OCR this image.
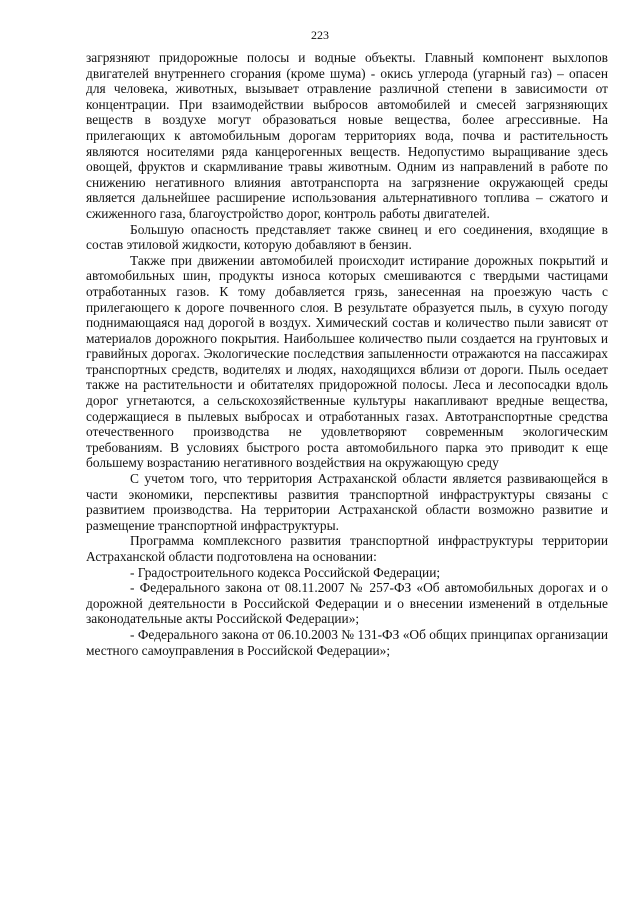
223

загрязняют придорожные полосы и водные объекты. Главный компонент выхлопов двигателей внутреннего сгорания (кроме шума) - окись углерода (угарный газ) – опасен для человека, животных, вызывает отравление различной степени в зависимости от концентрации. При взаимодействии выбросов автомобилей и смесей загрязняющих веществ в воздухе могут образоваться новые вещества, более агрессивные. На прилегающих к автомобильным дорогам территориях вода, почва и растительность являются носителями ряда канцерогенных веществ. Недопустимо выращивание здесь овощей, фруктов и скармливание травы животным. Одним из направлений в работе по снижению негативного влияния автотранспорта на загрязнение окружающей среды является дальнейшее расширение использования альтернативного топлива – сжатого и сжиженного газа, благоустройство дорог, контроль работы двигателей.

Большую опасность представляет также свинец и его соединения, входящие в состав этиловой жидкости, которую добавляют в бензин.

Также при движении автомобилей происходит истирание дорожных покрытий и автомобильных шин, продукты износа которых смешиваются с твердыми частицами отработанных газов. К тому добавляется грязь, занесенная на проезжую часть с прилегающего к дороге почвенного слоя. В результате образуется пыль, в сухую погоду поднимающаяся над дорогой в воздух. Химический состав и количество пыли зависят от материалов дорожного покрытия. Наибольшее количество пыли создается на грунтовых и гравийных дорогах. Экологические последствия запыленности отражаются на пассажирах транспортных средств, водителях и людях, находящихся вблизи от дороги. Пыль оседает также на растительности и обитателях придорожной полосы. Леса и лесопосадки вдоль дорог угнетаются, а сельскохозяйственные культуры накапливают вредные вещества, содержащиеся в пылевых выбросах и отработанных газах. Автотранспортные средства отечественного производства не удовлетворяют современным экологическим требованиям. В условиях быстрого роста автомобильного парка это приводит к еще большему возрастанию негативного воздействия на окружающую среду

С учетом того, что территория Астраханской области является развивающейся в части экономики, перспективы развития транспортной инфраструктуры связаны с развитием производства. На территории Астраханской области возможно развитие и размещение транспортной инфраструктуры.

Программа комплексного развития транспортной инфраструктуры территории Астраханской области подготовлена на основании:

- Градостроительного кодекса Российской Федерации;

- Федерального закона от 08.11.2007 № 257-ФЗ «Об автомобильных дорогах и о дорожной деятельности в Российской Федерации и о внесении изменений в отдельные законодательные акты Российской Федерации»;

- Федерального закона от 06.10.2003 № 131-ФЗ «Об общих принципах организации местного самоуправления в Российской Федерации»;
